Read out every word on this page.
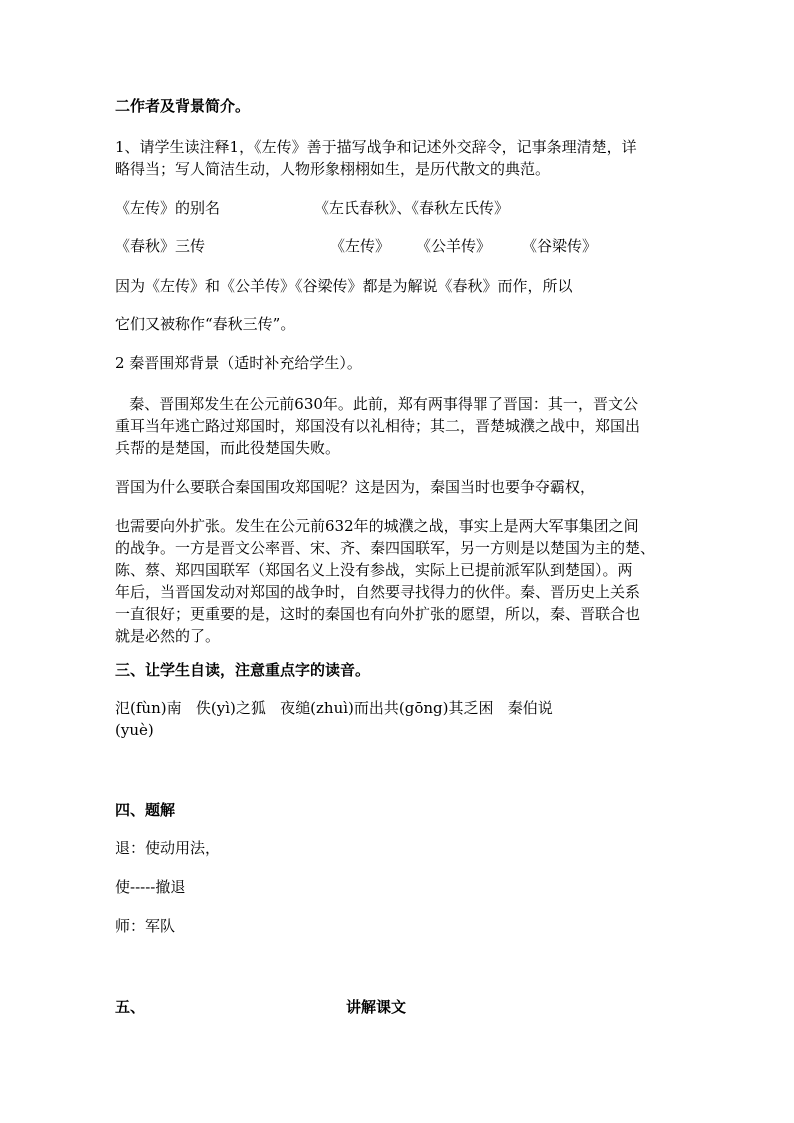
二作者及背景简介。
1、请学生读注释1，《左传》善于描写战争和记述外交辞令，记事条理清楚，详
略得当；写人简洁生动，人物形象栩栩如生，是历代散文的典范。
《左传》的别名	《左氏春秋》、《春秋左氏传》
《春秋》三传	《左传》 《公羊传》 《谷梁传》
因为《左传》和《公羊传》《谷梁传》都是为解说《春秋》而作，所以
它们又被称作“春秋三传”。
2 秦晋围郑背景（适时补充给学生）。
秦、晋围郑发生在公元前630年。此前，郑有两事得罪了晋国：其一，晋文公
重耳当年逃亡路过郑国时，郑国没有以礼相待；其二，晋楚城濮之战中，郑国出
兵帮的是楚国，而此役楚国失败。
晋国为什么要联合秦国围攻郑国呢？这是因为，秦国当时也要争夺霸权，
也需要向外扩张。发生在公元前632年的城濮之战，事实上是两大军事集团之间
的战争。一方是晋文公率晋、宋、齐、秦四国联军，另一方则是以楚国为主的楚、
陈、蔡、郑四国联军（郑国名义上没有参战，实际上已提前派军队到楚国）。两
年后，当晋国发动对郑国的战争时，自然要寻找得力的伙伴。秦、晋历史上关系
一直很好；更重要的是，这时的秦国也有向外扩张的愿望，所以，秦、晋联合也
就是必然的了。
三、让学生自读，注意重点字的读音。
氾(fùn)南   佚(yì)之狐   夜缒(zhuì)而出共(gōng)其乏困   秦伯说
(yuè)
四、题解
退：使动用法，
使-----撤退
师：军队
五、	讲解课文
